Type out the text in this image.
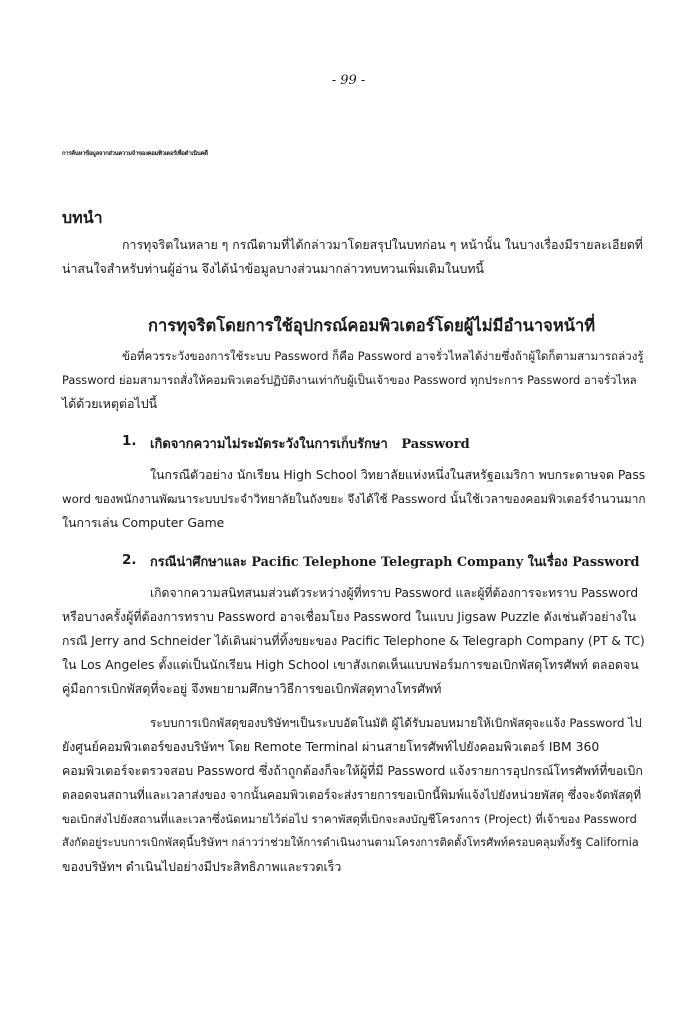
- 99 -
การค้นหาข้อมูลจากส่วนความจำของคอมพิวเตอร์เพื่อดำเนินคดี
บทนำ
การทุจริตในหลาย ๆ กรณีตามที่ได้กล่าวมาโดยสรุปในบทก่อน ๆ หน้านั้น ในบางเรื่องมีรายละเอียดที่
น่าสนใจสำหรับท่านผู้อ่าน จึงได้นำข้อมูลบางส่วนมากล่าวทบทวนเพิ่มเติมในบทนี้
การทุจริตโดยการใช้อุปกรณ์คอมพิวเตอร์โดยผู้ไม่มีอำนาจหน้าที่
ข้อที่ควรระวังของการใช้ระบบ Password ก็คือ Password อาจรั่วไหลได้ง่ายซึ่งถ้าผู้ใดก็ตามสามารถล่วงรู้
Password ย่อมสามารถสั่งให้คอมพิวเตอร์ปฏิบัติงานเท่ากับผู้เป็นเจ้าของ Password ทุกประการ Password อาจรั่วไหล
ได้ด้วยเหตุต่อไปนี้
1. เกิดจากความไม่ระมัดระวังในการเก็บรักษา Password
ในกรณีตัวอย่าง นักเรียน High School วิทยาลัยแห่งหนึ่งในสหรัฐอเมริกา พบกระดาษจด Pass
word ของพนักงานพัฒนาระบบประจำวิทยาลัยในถังขยะ จึงได้ใช้ Password นั้นใช้เวลาของคอมพิวเตอร์จำนวนมาก
ในการเล่น Computer Game
2. กรณีน่าศึกษาและ Pacific Telephone Telegraph Company ในเรื่อง Password
เกิดจากความสนิทสนมส่วนตัวระหว่างผู้ที่ทราบ Password และผู้ที่ต้องการจะทราบ Password
หรือบางครั้งผู้ที่ต้องการทราบ Password อาจเชื่อมโยง Password ในแบบ Jigsaw Puzzle ดังเช่นตัวอย่างใน
กรณี Jerry and Schneider ได้เดินผ่านที่ทิ้งขยะของ Pacific Telephone & Telegraph Company (PT & TC)
ใน Los Angeles ตั้งแต่เป็นนักเรียน High School เขาสังเกตเห็นแบบฟอร์มการขอเบิกพัสดุโทรศัพท์ ตลอดจน
คู่มือการเบิกพัสดุที่จะอยู่ จึงพยายามศึกษาวิธีการขอเบิกพัสดุทางโทรศัพท์
ระบบการเบิกพัสดุของบริษัทฯเป็นระบบอัตโนมัติ ผู้ได้รับมอบหมายให้เบิกพัสดุจะแจ้ง Password ไป
ยังศูนย์คอมพิวเตอร์ของบริษัทฯ โดย Remote Terminal ผ่านสายโทรศัพท์ไปยังคอมพิวเตอร์ IBM 360
คอมพิวเตอร์จะตรวจสอบ Password ซึ่งถ้าถูกต้องก็จะให้ผู้ที่มี Password แจ้งรายการอุปกรณ์โทรศัพท์ที่ขอเบิก
ตลอดจนสถานที่และเวลาส่งของ จากนั้นคอมพิวเตอร์จะส่งรายการขอเบิกนี้พิมพ์แจ้งไปยังหน่วยพัสดุ ซึ่งจะจัดพัสดุที่
ขอเบิกส่งไปยังสถานที่และเวลาซึ่งนัดหมายไว้ต่อไป ราคาพัสดุที่เบิกจะลงบัญชีโครงการ (Project) ที่เจ้าของ Password
สังกัดอยู่ระบบการเบิกพัสดุนี้บริษัทฯ กล่าวว่าช่วยให้การดำเนินงานตามโครงการติดตั้งโทรศัพท์ครอบคลุมทั้งรัฐ California
ของบริษัทฯ ดำเนินไปอย่างมีประสิทธิภาพและรวดเร็ว
